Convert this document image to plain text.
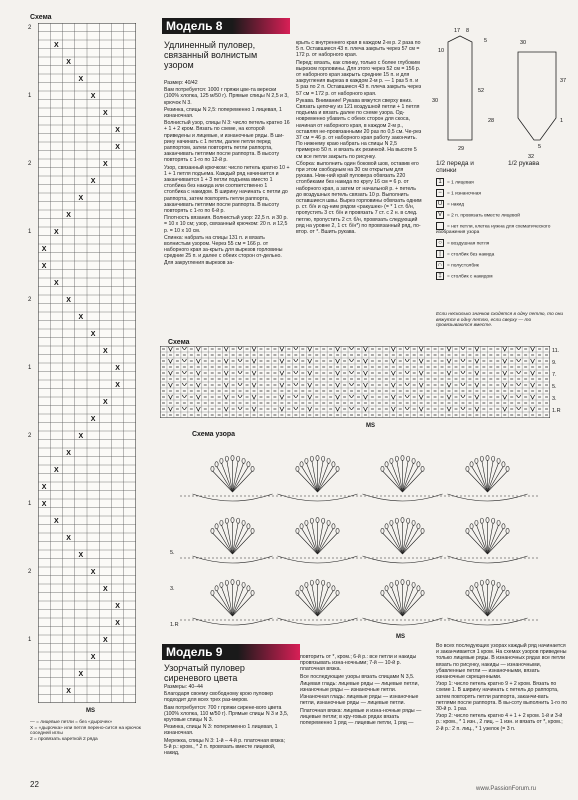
Схема
X
X
X
X
X
X
X
X
X
X
X
X
X
X
X
X
X
X
X
X
X
X
X
X
X
X
X
X
X
X
X
X
X
X
X
X
X
X
X
2
1
2
1
2
1
2
1
2
1
MS
— = лицевые петли = без «дырочек»
X = «дырочка» или петля перено-сится на крючок соседней иглы
2 = провязать кареткой 2 ряда
22
Модель 8
Удлиненный пуловер, связанный волнистым узором

Размер: 40/42

Вам потребуется: 1000 г пряжи цве-та верески (100% хлопка, 125 м/50 г). Прямые спицы N 2,5 и 3, крючок N 3.

Резинка, спицы N 2,5: попеременно 1 лицевая, 1 изнаночная.

Волнистый узор, спицы N 3: число петель кратно 16 + 1 + 2 кром. Вязать по схеме, на которой приведены и лицевые, и изнаночные ряды. В ши-рину начинать с 1 петли, далее петли перед раппортом, затем повторять петли раппорта, заканчивать петлями после раппорта. В высоту повторять с 1-го по 12-й р.

Узор, связанный крючком: число петель кратно 10 + 1 + 1 петля подъема. Каждый ряд начинается и заканчивается 1 + 3 петли подъема вместо 1 столбика без накида или соответственно 1 столбика с накидом. В ширину начинать с петли до раппорта, затем повторять петли раппорта, заканчивать петлями после раппорта. В высоту повторять с 1-го по 6-й р.

Плотность вязания. Волнистый узор: 22,5 п. и 30 р. = 10 х 10 см; узор, связанный крючком: 20 п. и 12,5 р. = 10 х 10 см.

Спинка: набрать на спицы 131 п. и вязать волнистым узором. Через 55 см = 166 р. от наборного края за-крыть для вырезов горловины средние 25 п. и далее с обеих сторон от-дельно. Для закругления вырезов за-

крыть с внутреннего края в каждом 2-м р. 2 раза по 5 п. Оставшиеся 43 п. плеча закрыть через 57 см = 172 р. от наборного края.

Перед: вязать, как спинку, только с более глубоким вырезом горловины. Для этого через 52 см = 156 р. от наборного края закрыть средние 15 п. и для закругления выреза в каждом 2-м р. — 1 раз 5 п. и 5 раз по 2 п. Оставшиеся 43 п. плеча закрыть через 57 см = 172 р. от наборного края.

Рукава. Внимание! Рукава вяжутся сверху вниз. Связать цепочку из 121 воздушной петли + 1 петля подъема и вязать далее по схеме узора. Од-новременно убавить с обеих сторон для скоса, начиная от наборного края, в каждом 2-м р., оставляя не-провязанными 20 раз по 0,5 см. Че-рез 37 см = 46 р. от наборного края работу закончить. По нижнему краю набрать на спицы N 2,5 примерно 50 п. и вязать их резинкой. На высоте 5 см все петли закрыть по рисунку.

Сборка: выполнить один боковой шов, оставив его при этом свободным на 30 см открытым для рукава. Ниж-ний край пуловера обвязать 220 столбиками без накида по кругу 16 см = 6 р. от наборного края, а затем от начальной р. + петель до воздушных петель связать 10 р. Выполнить оставшиеся швы. Вырез горловины обвязать одним р. ст. б/н и од-ним рядом «ракушек» (= * 1 ст. б/н, пропустить 3 ст. б/н и провязать 7 ст. с 2 н. в след. петлю, пропустить 2 ст. б/н, провязать следующий ряд на уровне 2, 1 ст. б/н*) по провязанный ряд, по-втор. от *. Вшить рукава.

17 8
10
29
30
52
5	30
37
5
1
32
28
1/2 переда и спинки
1/2 рукава
1 = 1 лицевая
− = 1 изнаночная
U = накид
V = 2 п. провязать вместе лицевой
= нет петли, клетка нужна для схематического изображения узора
○ = воздушная петля
| = столбик без накида
∩ = полустолбик
‡ = столбик с накидом
Если несколько значков сходятся в одну петлю, то они вяжутся в одну петлю, если сверху — то провязываются вместе.
Схема
11.
9.
7.
5.
3.
1.R
MS
Схема узора
5.
3.
1.R
MS
Модель 9
Узорчатый пуловер сиреневого цвета

Размеры: 40–44

Благодаря своему свободному крою пуловер подходит для всех трех раз-меров.

Вам потребуется: 700 г пряжи сирене-вого цвета (100% хлопка, 110 м/50 г). Прямые спицы N 3 и 3,5, круговые спицы N 3.

Резинка, спицы N 3: попеременно 1 лицевая, 1 изнаночная.

Мережка, спицы N 3: 1-й – 4-й р. платочная вязка; 5-й р.: кром., * 2 п. провязать вместе лицевой, накид,

повторить от *, кром.; 6-й р.: все петли и накиды провязывать изна-ночными; 7-й — 10-й р. платочная вязка.

Все последующие узоры вязать спицами N 3,5.

Лицевая гладь: лицевые ряды — лицевые петли, изнаночные ряды — изнаночные петли.

Изнаночная гладь: лицевые ряды — изнаночные петли, изнаночные ряды — лицевые петли.

Платочная вязка: лицевые и изна-ночные ряды — лицевые петли; в кру-говых рядах вязать попеременно 1 ряд — лицевые петли, 1 ряд —

Во всех последующих узорах каждый ряд начинается и заканчивается 1 кром. На схемах узоров приведены только лицевые ряды. В изнаночных рядах все петли вязать по рисунку, накиды — изнаночными, убавленные петли — изнаночными, вязать изнаночные скрещенными.

Узор 1: число петель кратно 9 + 2 кром. Вязать по схеме 1. В ширину начинать с петель до раппорта, затем повторять петли раппорта, заканчи-вать петлями после раппорта. В вы-соту выполнить 1-го по 30-й р. 1 раз.

Узор 2: число петель кратно 4 + 1 + 2 кром. 1-й и 3-й р.: кром., * 1 изн., 2 лиц. – 1 изн. и вязать от *, кром.; 2-й р.: 2 п. лиц., * 1 узелок (= 3 п.

www.PassionForum.ru
